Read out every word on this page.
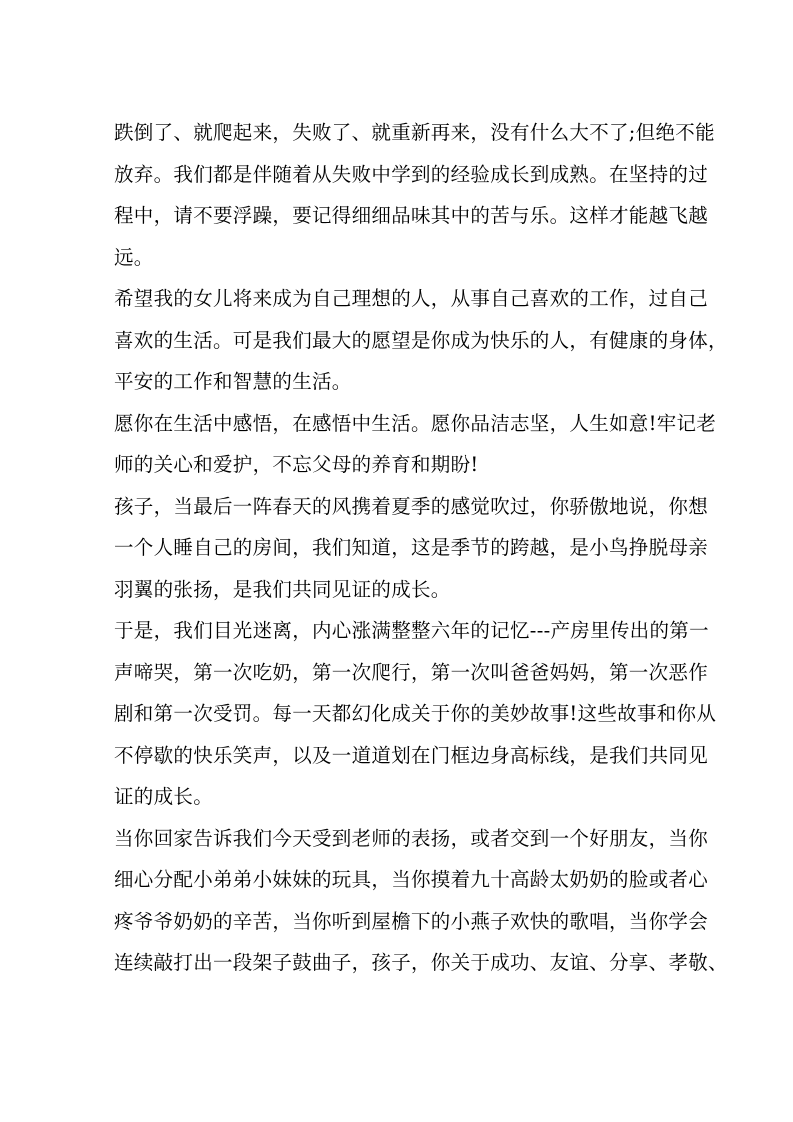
跌倒了、就爬起来，失败了、就重新再来，没有什么大不了;但绝不能
放弃。我们都是伴随着从失败中学到的经验成长到成熟。在坚持的过
程中，请不要浮躁，要记得细细品味其中的苦与乐。这样才能越飞越
远。

希望我的女儿将来成为自己理想的人，从事自己喜欢的工作，过自己
喜欢的生活。可是我们最大的愿望是你成为快乐的人，有健康的身体，
平安的工作和智慧的生活。

愿你在生活中感悟，在感悟中生活。愿你品洁志坚，人生如意!牢记老
师的关心和爱护，不忘父母的养育和期盼!

孩子，当最后一阵春天的风携着夏季的感觉吹过，你骄傲地说，你想
一个人睡自己的房间，我们知道，这是季节的跨越，是小鸟挣脱母亲
羽翼的张扬，是我们共同见证的成长。

于是，我们目光迷离，内心涨满整整六年的记忆---产房里传出的第一
声啼哭，第一次吃奶，第一次爬行，第一次叫爸爸妈妈，第一次恶作
剧和第一次受罚。每一天都幻化成关于你的美妙故事!这些故事和你从
不停歇的快乐笑声，以及一道道划在门框边身高标线，是我们共同见
证的成长。

当你回家告诉我们今天受到老师的表扬，或者交到一个好朋友，当你
细心分配小弟弟小妹妹的玩具，当你摸着九十高龄太奶奶的脸或者心
疼爷爷奶奶的辛苦，当你听到屋檐下的小燕子欢快的歌唱，当你学会
连续敲打出一段架子鼓曲子，孩子，你关于成功、友谊、分享、孝敬、
